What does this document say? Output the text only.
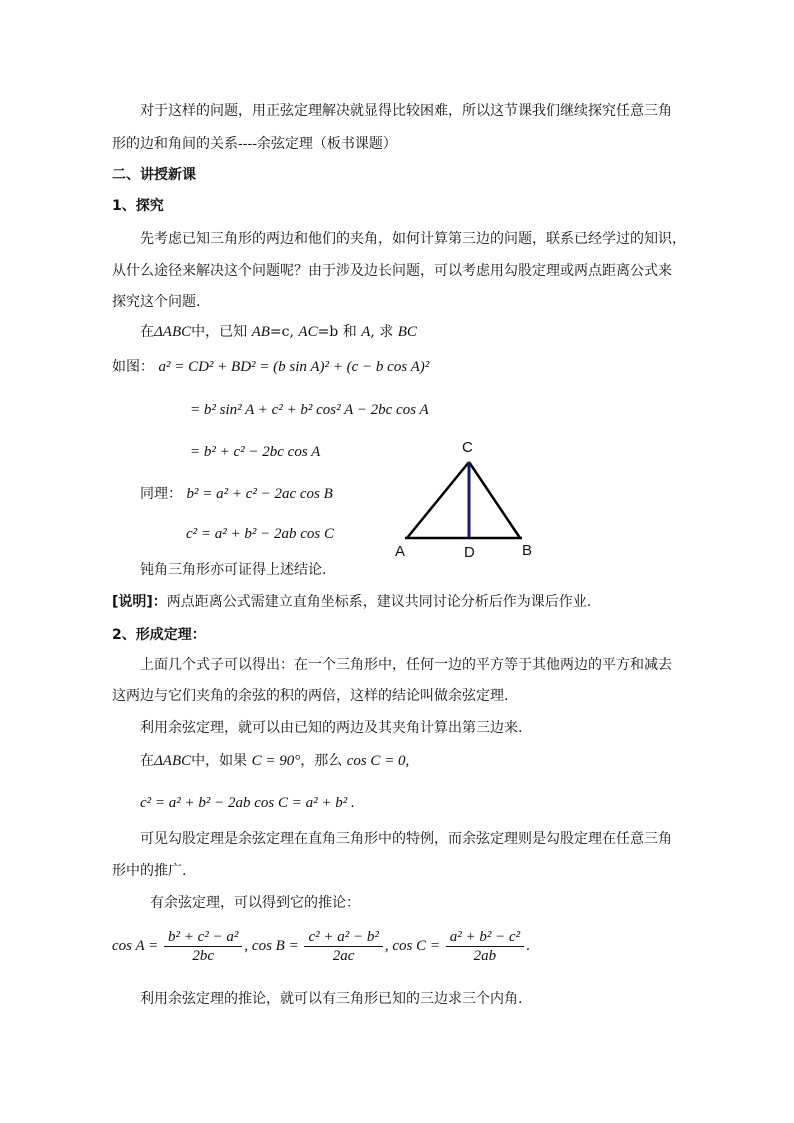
对于这样的问题，用正弦定理解决就显得比较困难，所以这节课我们继续探究任意三角
形的边和角间的关系----余弦定理（板书课题）
二、讲授新课
1、探究
先考虑已知三角形的两边和他们的夹角，如何计算第三边的问题，联系已经学过的知识，
从什么途径来解决这个问题呢？由于涉及边长问题，可以考虑用勾股定理或两点距离公式来
探究这个问题.
在ΔABC中，已知 AB=c, AC=b 和 A, 求 BC
如图： a² = CD² + BD² = (b sin A)² + (c − b cos A)²
= b² sin² A + c² + b² cos² A − 2bc cos A
= b² + c² − 2bc cos A
同理： b² = a² + c² − 2ac cos B
c² = a² + b² − 2ab cos C
C
A	D	B
钝角三角形亦可证得上述结论.
[说明]：两点距离公式需建立直角坐标系，建议共同讨论分析后作为课后作业.
2、形成定理：
上面几个式子可以得出：在一个三角形中，任何一边的平方等于其他两边的平方和减去
这两边与它们夹角的余弦的积的两倍，这样的结论叫做余弦定理.
利用余弦定理，就可以由已知的两边及其夹角计算出第三边来.
在ΔABC中，如果 C = 90°，那么 cos C = 0,
c² = a² + b² − 2ab cos C = a² + b² .
可见勾股定理是余弦定理在直角三角形中的特例，而余弦定理则是勾股定理在任意三角
形中的推广.
有余弦定理，可以得到它的推论：
$\cos A = \frac{\text{b² + c² − a²}}{2bc}$ , $\cos B = \frac{\text{c² + a² − b²}}{2ac}$ , $\cos C = \frac{\text{a² + b² − c²}}{2ab}$ .
利用余弦定理的推论，就可以有三角形已知的三边求三个内角.
